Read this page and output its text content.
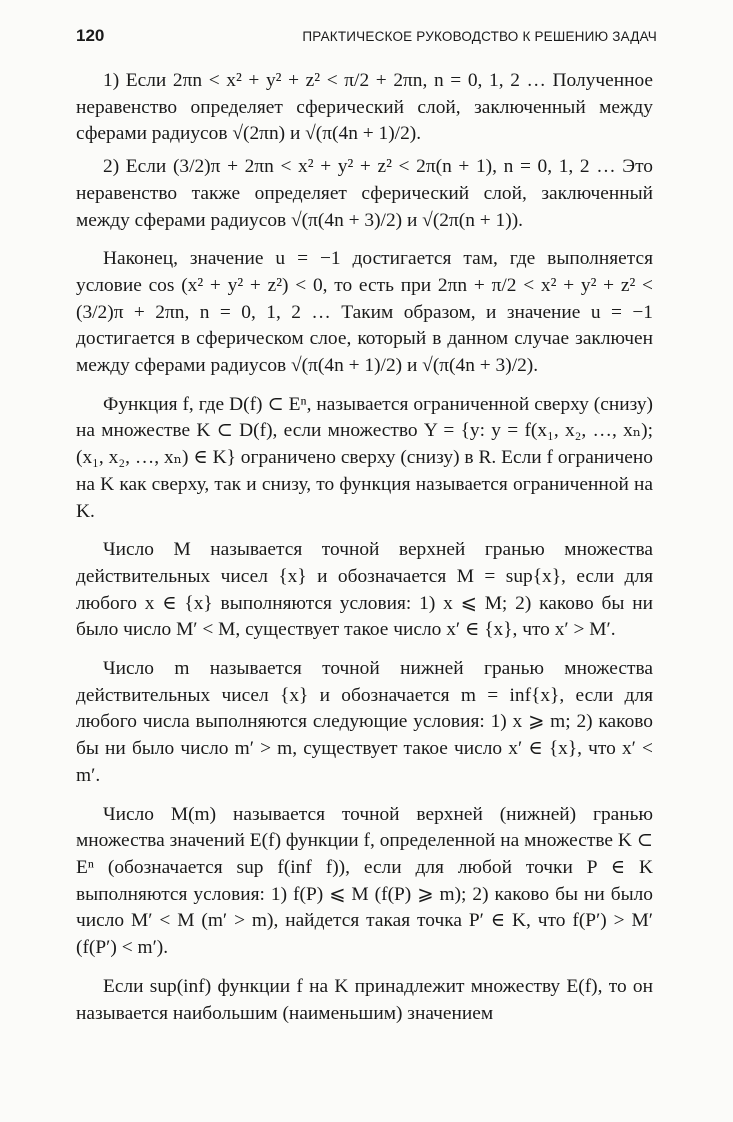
120	ПРАКТИЧЕСКОЕ РУКОВОДСТВО К РЕШЕНИЮ ЗАДАЧ

1) Если 2πn < x² + y² + z² < π/2 + 2πn, n = 0, 1, 2 … Полученное неравенство определяет сферический слой, заключенный между сферами радиусов √(2πn) и √(π(4n + 1)/2).

2) Если (3/2)π + 2πn < x² + y² + z² < 2π(n + 1), n = 0, 1, 2 … Это неравенство также определяет сферический слой, заключенный между сферами радиусов √(π(4n + 3)/2) и √(2π(n + 1)).

Наконец, значение u = −1 достигается там, где выполняется условие cos (x² + y² + z²) < 0, то есть при 2πn + π/2 < x² + y² + z² < (3/2)π + 2πn, n = 0, 1, 2 … Таким образом, и значение u = −1 достигается в сферическом слое, который в данном случае заключен между сферами радиусов √(π(4n + 1)/2) и √(π(4n + 3)/2).

Функция f, где D(f) ⊂ Eⁿ, называется ограниченной сверху (снизу) на множестве K ⊂ D(f), если множество Y = {y: y = f(x₁, x₂, …, xₙ); (x₁, x₂, …, xₙ) ∈ K} ограничено сверху (снизу) в R. Если f ограничено на K как сверху, так и снизу, то функция называется ограниченной на K.

Число M называется точной верхней гранью множества действительных чисел {x} и обозначается M = sup{x}, если для любого x ∈ {x} выполняются условия: 1) x ⩽ M; 2) каково бы ни было число M′ < M, существует такое число x′ ∈ {x}, что x′ > M′.

Число m называется точной нижней гранью множества действительных чисел {x} и обозначается m = inf{x}, если для любого числа выполняются следующие условия: 1) x ⩾ m; 2) каково бы ни было число m′ > m, существует такое число x′ ∈ {x}, что x′ < m′.

Число M(m) называется точной верхней (нижней) гранью множества значений E(f) функции f, определенной на множестве K ⊂ Eⁿ (обозначается sup f(inf f)), если для любой точки P ∈ K выполняются условия: 1) f(P) ⩽ M (f(P) ⩾ m); 2) каково бы ни было число M′ < M (m′ > m), найдется такая точка P′ ∈ K, что f(P′) > M′ (f(P′) < m′).

Если sup(inf) функции f на K принадлежит множеству E(f), то он называется наибольшим (наименьшим) значением
